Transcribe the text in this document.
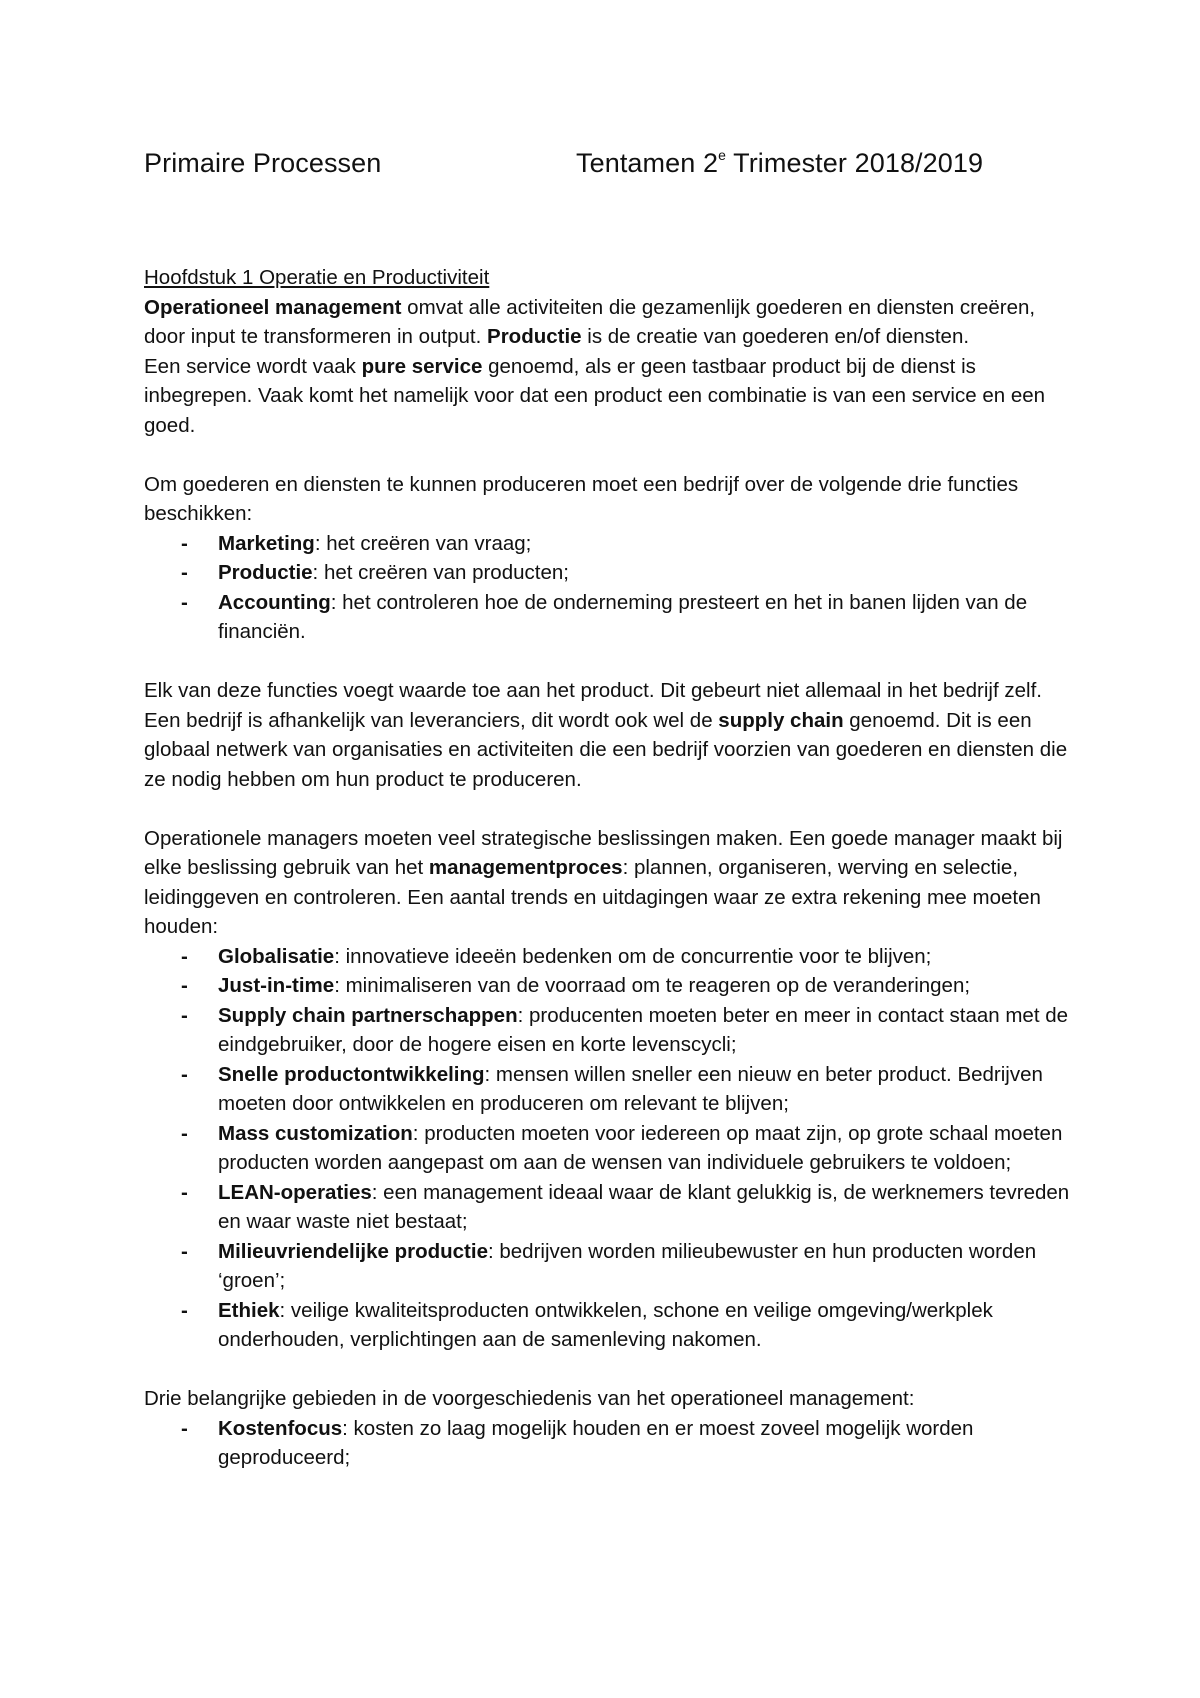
Primaire Processen	Tentamen 2e Trimester 2018/2019

Hoofdstuk 1 Operatie en Productiviteit

Operationeel management omvat alle activiteiten die gezamenlijk goederen en diensten creëren, door input te transformeren in output. Productie is de creatie van goederen en/of diensten.

Een service wordt vaak pure service genoemd, als er geen tastbaar product bij de dienst is inbegrepen. Vaak komt het namelijk voor dat een product een combinatie is van een service en een goed.

Om goederen en diensten te kunnen produceren moet een bedrijf over de volgende drie functies beschikken:

- Marketing: het creëren van vraag;
- Productie: het creëren van producten;
- Accounting: het controleren hoe de onderneming presteert en het in banen lijden van de financiën.

Elk van deze functies voegt waarde toe aan het product. Dit gebeurt niet allemaal in het bedrijf zelf. Een bedrijf is afhankelijk van leveranciers, dit wordt ook wel de supply chain genoemd. Dit is een globaal netwerk van organisaties en activiteiten die een bedrijf voorzien van goederen en diensten die ze nodig hebben om hun product te produceren.

Operationele managers moeten veel strategische beslissingen maken. Een goede manager maakt bij elke beslissing gebruik van het managementproces: plannen, organiseren, werving en selectie, leidinggeven en controleren. Een aantal trends en uitdagingen waar ze extra rekening mee moeten houden:

- Globalisatie: innovatieve ideeën bedenken om de concurrentie voor te blijven;
- Just-in-time: minimaliseren van de voorraad om te reageren op de veranderingen;
- Supply chain partnerschappen: producenten moeten beter en meer in contact staan met de eindgebruiker, door de hogere eisen en korte levenscycli;
- Snelle productontwikkeling: mensen willen sneller een nieuw en beter product. Bedrijven moeten door ontwikkelen en produceren om relevant te blijven;
- Mass customization: producten moeten voor iedereen op maat zijn, op grote schaal moeten producten worden aangepast om aan de wensen van individuele gebruikers te voldoen;
- LEAN-operaties: een management ideaal waar de klant gelukkig is, de werknemers tevreden en waar waste niet bestaat;
- Milieuvriendelijke productie: bedrijven worden milieubewuster en hun producten worden ‘groen’;
- Ethiek: veilige kwaliteitsproducten ontwikkelen, schone en veilige omgeving/werkplek onderhouden, verplichtingen aan de samenleving nakomen.

Drie belangrijke gebieden in de voorgeschiedenis van het operationeel management:

- Kostenfocus: kosten zo laag mogelijk houden en er moest zoveel mogelijk worden geproduceerd;
